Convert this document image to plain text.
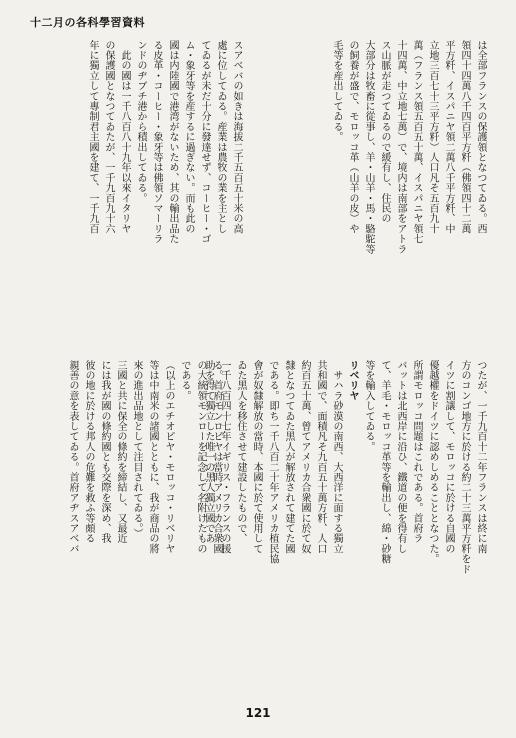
十二月の各科學習資料
は全部フランスの保護領となつてゐる。西
領四十四萬八千四百平方粁（佛領四十二萬
平方粁、イスパニヤ領二萬八千平方粁、中
立地三百七十三平方粁）人口凡そ五百九十
萬（フランス領五百五十萬、イスパニヤ領七
十四萬、中立地七萬）で、境内は南部をアトラ
ス山脈が走つてゐるので緩有し、住民の
大部分は牧畜に從事し、羊・山羊・馬・駱駝等
の飼養が盛で、モロッコ革（山羊の皮）や
毛等を産出してゐる。
スアベバの如きは海拔二千五百五十米の高
處に位してゐる。産業は農牧の業を主とし
てゐるが未だ十分に發達せず、コーヒー・ゴ
ム・象牙等を産するに過ぎない。而も此の
國は内陸國で港湾がないため、其の輸出品た
る皮革・コーヒー・象牙等は佛領ソマーリラ
ンドのヂブチ港から積出してゐる。
　此の國は一千八百八十九年以來イタリヤ
の保護國となつてゐたが、一千九百九十六
年に獨立して專制君主國を建て、一千九百
つたが、一千九百十二年フランスは終に南
方のコンゴ地方に於ける約二十三萬平方粁をド
イツに割讓して、モロッコに於ける自國の
優越權をドイツに認めしめることとなつた。
所謂モロッコ問題はこれである。首府ラ
バットは北西岸に沿ひ、鐵道の便を得有し
て、羊毛・モロッコ革等を輸出し、綿・砂糖
等を輸入してゐる。
リベリヤ
　サハラ砂漠の南西、大西洋に面する獨立
共和國で、面積凡そ九百五十萬方粁、人口
約百五十萬、曾てアメリカ合衆國に於て奴
隸となつてゐた黑人が解放されて建てた國
である。即ち一千八百二十年アメリカ植民協
會が奴隸解放の當時、本國に於て使用して
ゐた黑人を移住させて建設したもので、
一千八百四十七年イギリス・フランスの援
助を得て獨立した唯一の黑人獨立國であ
る。首府モンロビヤは當時アメリカ合衆國
の大統領モンローを記念して名附けたもの
である。
（以上のエチオピヤ・モロッコ・リベリヤ
等は中南米の諸國とともに、我が商品の將
來の進出品地として注目されてゐる。）
三國と共に保全の條約を締結し、又最近
には我が國の條約國とも交際を深め、我
彼の地に於ける邦人の危難を救ふ等頗る
親善の意を表してゐる。首府アヂスアベバ
121
